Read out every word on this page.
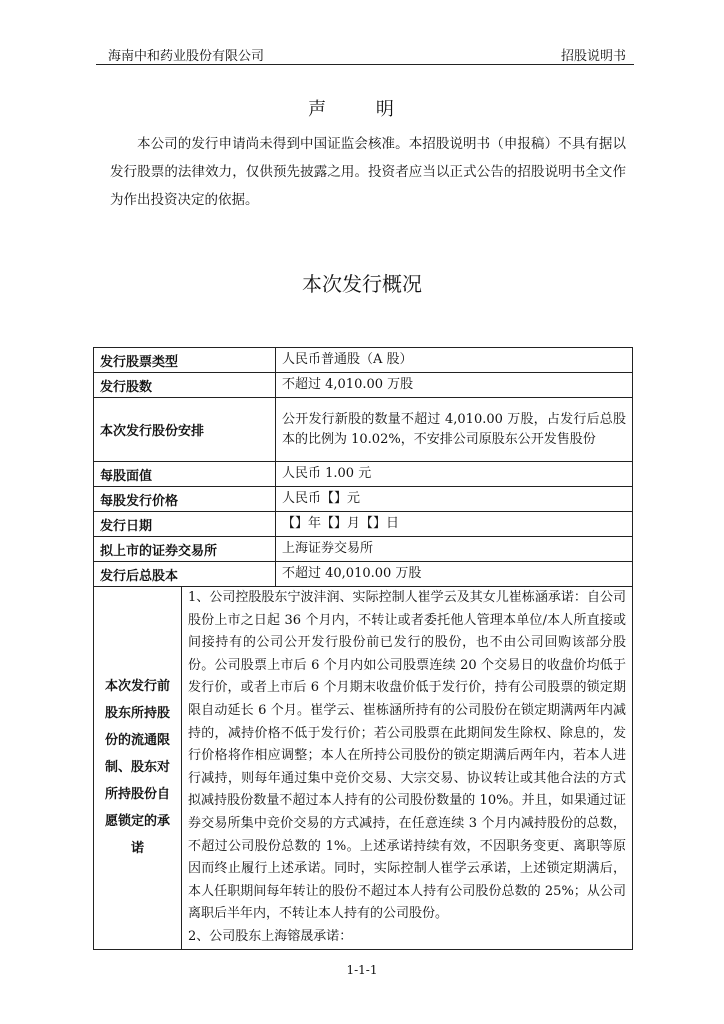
海南中和药业股份有限公司	招股说明书
声 明
本公司的发行申请尚未得到中国证监会核准。本招股说明书（申报稿）不具有据以发行股票的法律效力，仅供预先披露之用。投资者应当以正式公告的招股说明书全文作为作出投资决定的依据。
本次发行概况
发行股票类型		人民币普通股（A 股）
发行股数		不超过 4,010.00 万股
本次发行股份安排		公开发行新股的数量不超过 4,010.00 万股，占发行后总股本的比例为 10.02%，不安排公司原股东公开发售股份
每股面值		人民币 1.00 元
每股发行价格		人民币【】元
发行日期		【】年【】月【】日
拟上市的证券交易所		上海证券交易所
发行后总股本		不超过 40,010.00 万股
本次发行前股东所持股份的流通限制、股东对所持股份自愿锁定的承诺	1、公司控股股东宁波沣润、实际控制人崔学云及其女儿崔栋涵承诺：自公司股份上市之日起 36 个月内，不转让或者委托他人管理本单位/本人所直接或间接持有的公司公开发行股份前已发行的股份，也不由公司回购该部分股份。公司股票上市后 6 个月内如公司股票连续 20 个交易日的收盘价均低于发行价，或者上市后 6 个月期末收盘价低于发行价，持有公司股票的锁定期限自动延长 6 个月。崔学云、崔栋涵所持有的公司股份在锁定期满两年内减持的，减持价格不低于发行价；若公司股票在此期间发生除权、除息的，发行价格将作相应调整；本人在所持公司股份的锁定期满后两年内，若本人进行减持，则每年通过集中竞价交易、大宗交易、协议转让或其他合法的方式拟减持股份数量不超过本人持有的公司股份数量的 10%。并且，如果通过证券交易所集中竞价交易的方式减持，在任意连续 3 个月内减持股份的总数，不超过公司股份总数的 1%。上述承诺持续有效，不因职务变更、离职等原因而终止履行上述承诺。同时，实际控制人崔学云承诺，上述锁定期满后，本人任职期间每年转让的股份不超过本人持有公司股份总数的 25%；从公司离职后半年内，不转让本人持有的公司股份。
2、公司股东上海镕晟承诺：	
1-1-1
